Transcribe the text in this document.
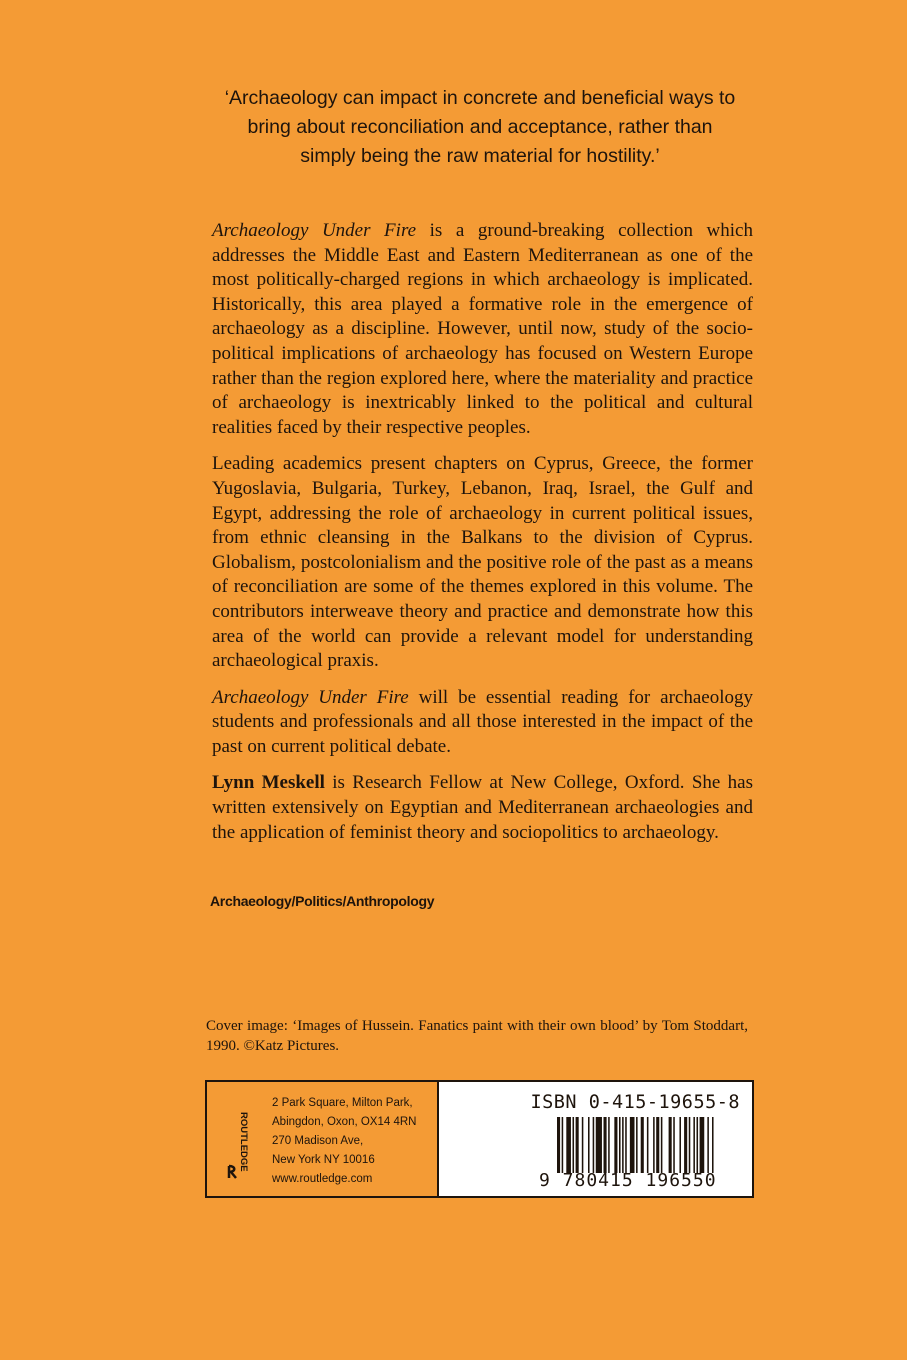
‘Archaeology can impact in concrete and beneficial ways to
bring about reconciliation and acceptance, rather than
simply being the raw material for hostility.’

Archaeology Under Fire is a ground-breaking collection which addresses the Middle East and Eastern Mediterranean as one of the most politically-charged regions in which archaeology is implicated. Historically, this area played a formative role in the emergence of archaeology as a discipline. However, until now, study of the socio-political implications of archaeology has focused on Western Europe rather than the region explored here, where the materiality and practice of archaeology is inextricably linked to the political and cultural realities faced by their respective peoples.

Leading academics present chapters on Cyprus, Greece, the former Yugoslavia, Bulgaria, Turkey, Lebanon, Iraq, Israel, the Gulf and Egypt, addressing the role of archaeology in current political issues, from ethnic cleansing in the Balkans to the division of Cyprus. Globalism, postcolonialism and the positive role of the past as a means of reconciliation are some of the themes explored in this volume. The contributors interweave theory and practice and demonstrate how this area of the world can provide a relevant model for understanding archaeological praxis.

Archaeology Under Fire will be essential reading for archaeology students and professionals and all those interested in the impact of the past on current political debate.

Lynn Meskell is Research Fellow at New College, Oxford. She has written extensively on Egyptian and Mediterranean archaeologies and the application of feminist theory and sociopolitics to archaeology.

Archaeology/Politics/Anthropology
Cover image: ‘Images of Hussein. Fanatics paint with their own blood’ by Tom Stoddart, 1990. ©Katz Pictures.
ROUTLEDGE
2 Park Square, Milton Park,
Abingdon, Oxon, OX14 4RN
270 Madison Ave,
New York NY 10016
www.routledge.com
ISBN 0-415-19655-8
9 780415 196550
